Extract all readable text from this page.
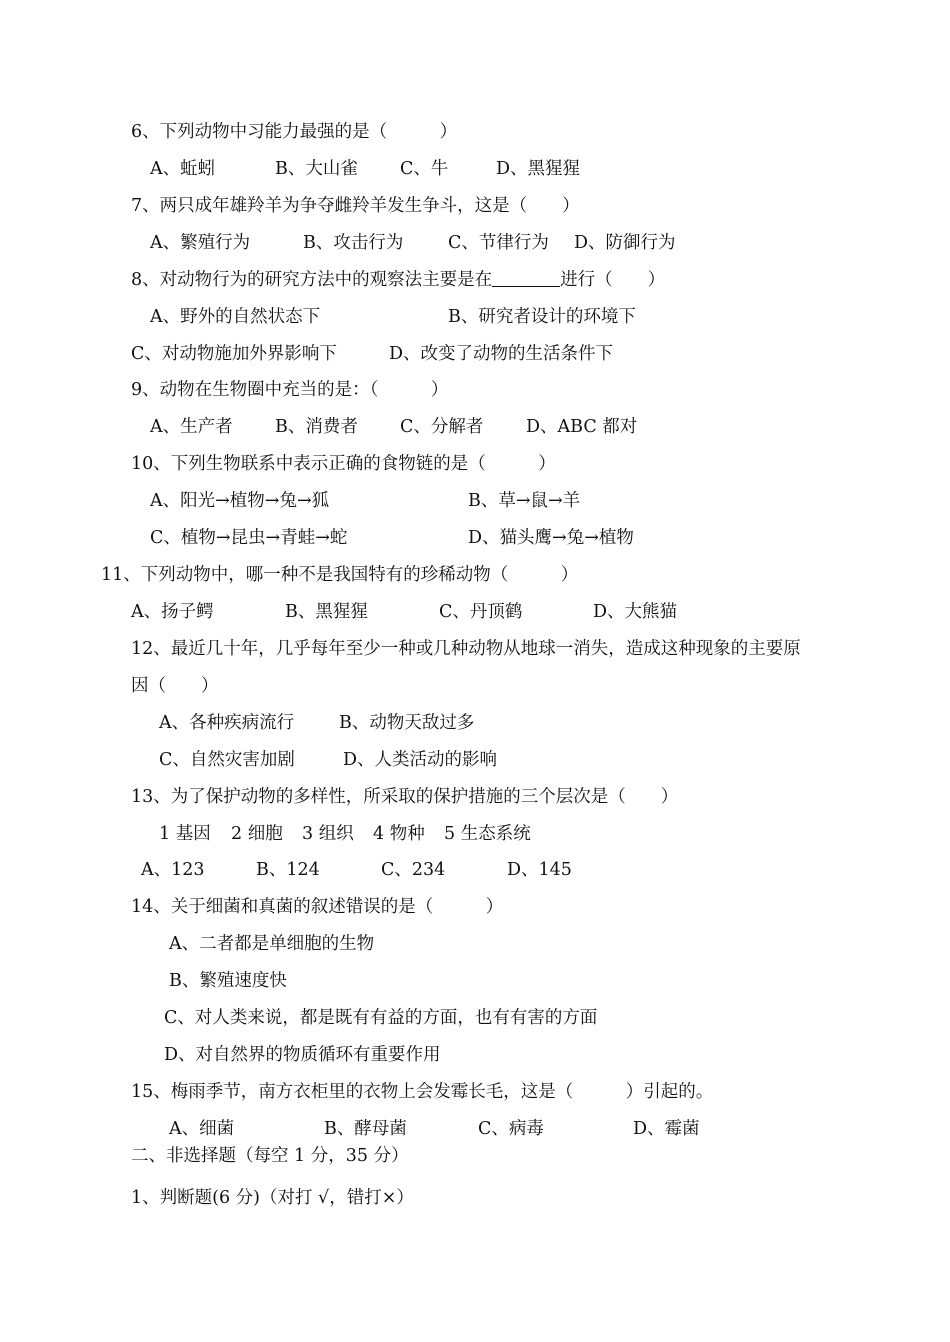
6、下列动物中习能力最强的是（　　　）

A、蚯蚓

	B、大山雀

C、牛

	D、黑猩猩

7、两只成年雄羚羊为争夺雌羚羊发生争斗，这是（　　）

A、繁殖行为

	B、攻击行为

	C、节律行为

D、防御行为

8、对动物行为的研究方法中的观察法主要是在	进行（　　）

A、野外的自然状态下

	B、研究者设计的环境下

C、对动物施加外界影响下

	D、改变了动物的生活条件下

9、动物在生物圈中充当的是：（　　　）

A、生产者

B、消费者

C、分解者

D、ABC 都对

10、下列生物联系中表示正确的食物链的是（　　　）

A、阳光→植物→兔→狐

	B、草→鼠→羊

C、植物→昆虫→青蛙→蛇

	D、猫头鹰→兔→植物

11、下列动物中，哪一种不是我国特有的珍稀动物（　　　）

A、扬子鳄

	B、黑猩猩

	C、丹顶鹤

	D、大熊猫

12、最近几十年，几乎每年至少一种或几种动物从地球一消失，造成这种现象的主要原
因（　　）

A、各种疾病流行

	B、动物天敌过多

C、自然灾害加剧

	D、人类活动的影响

13、为了保护动物的多样性，所采取的保护措施的三个层次是（　　）

1 基因

2 细胞

3 组织

4 物种

5 生态系统

A、123

	B、124

	C、234

	D、145

14、关于细菌和真菌的叙述错误的是（　　　）
A、二者都是单细胞的生物
B、繁殖速度快
C、对人类来说，都是既有有益的方面，也有有害的方面
D、对自然界的物质循环有重要作用
15、梅雨季节，南方衣柜里的衣物上会发霉长毛，这是（　　　）引起的。

A、细菌

	B、酵母菌

	C、病毒

	D、霉菌

二、非选择题（每空 1 分，35 分）
1、判断题(6 分)（对打 √，错打×）
